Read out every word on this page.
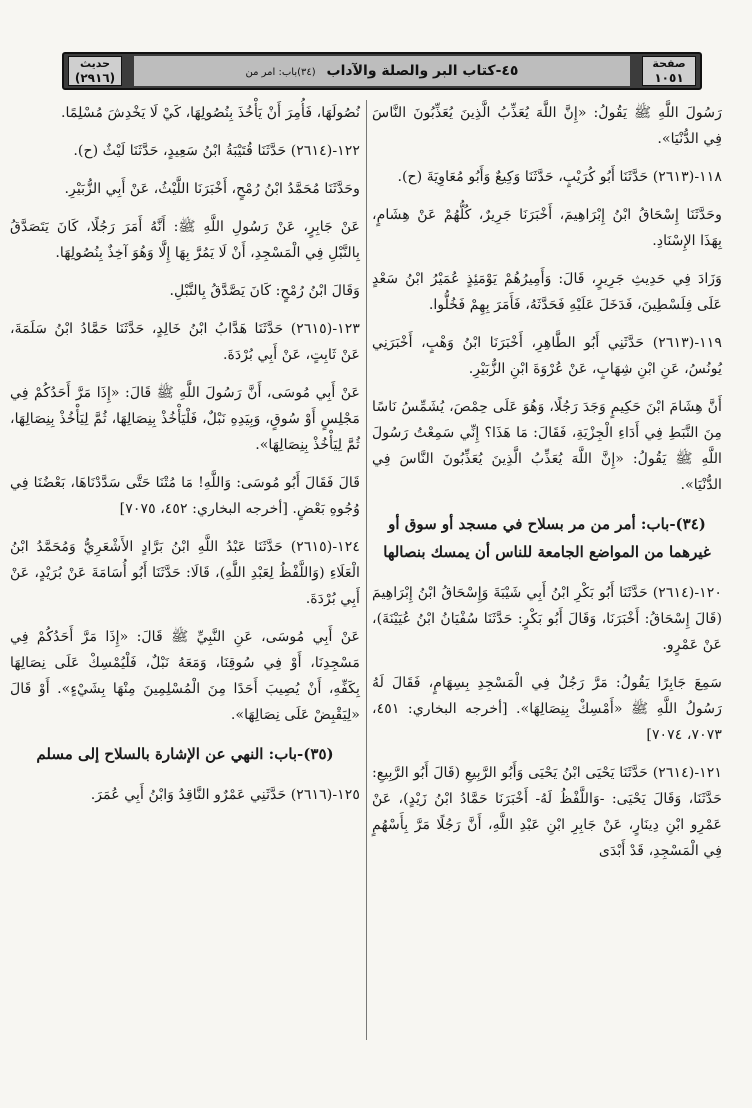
صفحة
١٠٥١
٤٥-كتاب البر والصلة والآداب (٣٤)باب: امر من
حديث
(٢٩١٦)

رَسُولَ اللَّهِ ﷺ يَقُولُ: «إِنَّ اللَّهَ يُعَذِّبُ الَّذِينَ يُعَذِّبُونَ النَّاسَ فِي الدُّنْيَا».

١١٨-(٢٦١٣) حَدَّثَنَا أَبُو كُرَيْبٍ، حَدَّثَنَا وَكِيعٌ وَأَبُو مُعَاوِيَةَ (ح).

وحَدَّثَنَا إِسْحَاقُ ابْنُ إِبْرَاهِيمَ، أَخْبَرَنَا جَرِيرٌ، كُلُّهُمْ عَنْ هِشَامٍ، بِهَذَا الإِسْنَادِ.

وَزَادَ فِي حَدِيثِ جَرِيرٍ، قَالَ: وَأَمِيرُهُمْ يَوْمَئِذٍ عُمَيْرُ ابْنُ سَعْدٍ عَلَى فِلَسْطِينَ، فَدَخَلَ عَلَيْهِ فَحَدَّثَهُ، فَأَمَرَ بِهِمْ فَخُلُّوا.

١١٩-(٢٦١٣) حَدَّثَنِي أَبُو الطَّاهِرِ، أَخْبَرَنَا ابْنُ وَهْبٍ، أَخْبَرَنِي يُونُسُ، عَنِ ابْنِ شِهَابٍ، عَنْ عُرْوَةَ ابْنِ الزُّبَيْرِ.

أَنَّ هِشَامَ ابْنَ حَكِيمٍ وَجَدَ رَجُلًا، وَهُوَ عَلَى حِمْصَ، يُشَمِّسُ نَاسًا مِنَ النَّبَطِ فِي أَدَاءِ الْجِزْيَةِ، فَقَالَ: مَا هَذَا؟ إِنِّي سَمِعْتُ رَسُولَ اللَّهِ ﷺ يَقُولُ: «إِنَّ اللَّهَ يُعَذِّبُ الَّذِينَ يُعَذِّبُونَ النَّاسَ فِي الدُّنْيَا».

(٣٤)-باب: أمر من مر بسلاح في مسجد أو سوق أو غيرهما من المواضع الجامعة للناس أن يمسك بنصالها

١٢٠-(٢٦١٤) حَدَّثَنَا أَبُو بَكْرِ ابْنُ أَبِي شَيْبَةَ وَإِسْحَاقُ ابْنُ إِبْرَاهِيمَ (قَالَ إِسْحَاقُ: أَخْبَرَنَا، وَقَالَ أَبُو بَكْرٍ: حَدَّثَنَا سُفْيَانُ ابْنُ عُيَيْنَةَ)، عَنْ عَمْرٍو.

سَمِعَ جَابِرًا يَقُولُ: مَرَّ رَجُلٌ فِي الْمَسْجِدِ بِسِهَامٍ، فَقَالَ لَهُ رَسُولُ اللَّهِ ﷺ «أَمْسِكْ بِنِصَالِهَا». [أخرجه البخاري: ٤٥١، ٧٠٧٣، ٧٠٧٤]

١٢١-(٢٦١٤) حَدَّثَنَا يَحْيَى ابْنُ يَحْيَى وَأَبُو الرَّبِيعِ (قَالَ أَبُو الرَّبِيعِ: حَدَّثَنَا، وَقَالَ يَحْيَى: -وَاللَّفْظُ لَهُ- أَخْبَرَنَا حَمَّادُ ابْنُ زَيْدٍ)، عَنْ عَمْرِو ابْنِ دِينَارٍ، عَنْ جَابِرِ ابْنِ عَبْدِ اللَّهِ، أَنَّ رَجُلًا مَرَّ بِأَسْهُمٍ فِي الْمَسْجِدِ، قَدْ أَبْدَى

نُصُولَهَا، فَأُمِرَ أَنْ يَأْخُذَ بِنُصُولِهَا، كَيْ لَا يَخْدِشَ مُسْلِمًا.

١٢٢-(٢٦١٤) حَدَّثَنَا قُتَيْبَةُ ابْنُ سَعِيدٍ، حَدَّثَنَا لَيْثٌ (ح).

وحَدَّثَنَا مُحَمَّدُ ابْنُ رُمْحٍ، أَخْبَرَنَا اللَّيْثُ، عَنْ أَبِي الزُّبَيْرِ.

عَنْ جَابِرٍ، عَنْ رَسُولِ اللَّهِ ﷺ: أَنَّهُ أَمَرَ رَجُلًا، كَانَ يَتَصَدَّقُ بِالنَّبْلِ فِي الْمَسْجِدِ، أَنْ لَا يَمُرَّ بِهَا إِلَّا وَهُوَ آخِذٌ بِنُصُولِهَا.

وَقَالَ ابْنُ رُمْحٍ: كَانَ يَصَّدَّقُ بِالنَّبْلِ.

١٢٣-(٢٦١٥) حَدَّثَنَا هَدَّابُ ابْنُ خَالِدٍ، حَدَّثَنَا حَمَّادُ ابْنُ سَلَمَةَ، عَنْ ثَابِتٍ، عَنْ أَبِي بُرْدَةَ.

عَنْ أَبِي مُوسَى، أَنَّ رَسُولَ اللَّهِ ﷺ قَالَ: «إِذَا مَرَّ أَحَدُكُمْ فِي مَجْلِسٍ أَوْ سُوقٍ، وَبِيَدِهِ نَبْلٌ، فَلْيَأْخُذْ بِنِصَالِهَا، ثُمَّ لِيَأْخُذْ بِنِصَالِهَا، ثُمَّ لِيَأْخُذْ بِنِصَالِهَا».

قَالَ فَقَالَ أَبُو مُوسَى: وَاللَّهِ! مَا مُتْنَا حَتَّى سَدَّدْنَاهَا، بَعْضُنَا فِي وُجُوهِ بَعْضٍ. [أخرجه البخاري: ٤٥٢، ٧٠٧٥]

١٢٤-(٢٦١٥) حَدَّثَنَا عَبْدُ اللَّهِ ابْنُ بَرَّادٍ الأَشْعَرِيُّ وَمُحَمَّدُ ابْنُ الْعَلَاءِ (وَاللَّفْظُ لِعَبْدِ اللَّهِ)، قَالَا: حَدَّثَنَا أَبُو أُسَامَةَ عَنْ بُرَيْدٍ، عَنْ أَبِي بُرْدَةَ.

عَنْ أَبِي مُوسَى، عَنِ النَّبِيِّ ﷺ قَالَ: «إِذَا مَرَّ أَحَدُكُمْ فِي مَسْجِدِنَا، أَوْ فِي سُوقِنَا، وَمَعَهُ نَبْلٌ، فَلْيُمْسِكْ عَلَى نِصَالِهَا بِكَفِّهِ، أَنْ يُصِيبَ أَحَدًا مِنَ الْمُسْلِمِينَ مِنْهَا بِشَيْءٍ». أَوْ قَالَ «لِيَقْبِضْ عَلَى نِصَالِهَا».

(٣٥)-باب: النهي عن الإشارة بالسلاح إلى مسلم

١٢٥-(٢٦١٦) حَدَّثَنِي عَمْرٌو النَّاقِدُ وَابْنُ أَبِي عُمَرَ.
